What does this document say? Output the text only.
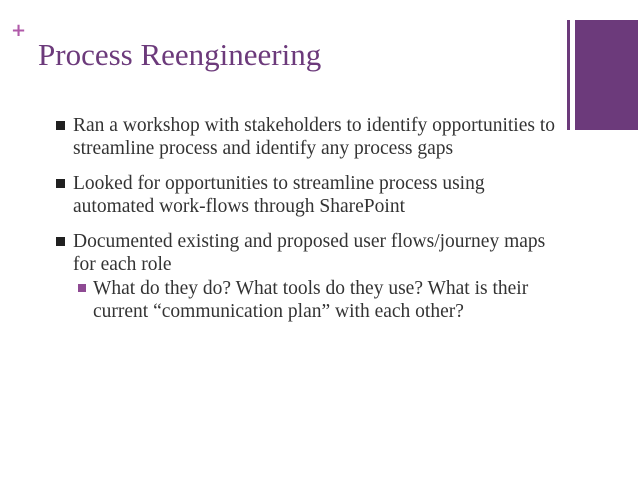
+
Process Reengineering
Ran a workshop with stakeholders to identify opportunities to streamline process and identify any process gaps
Looked for opportunities to streamline process using automated work-flows through SharePoint
Documented existing and proposed user flows/journey maps for each role
What do they do? What tools do they use? What is their current “communication plan” with each other?
